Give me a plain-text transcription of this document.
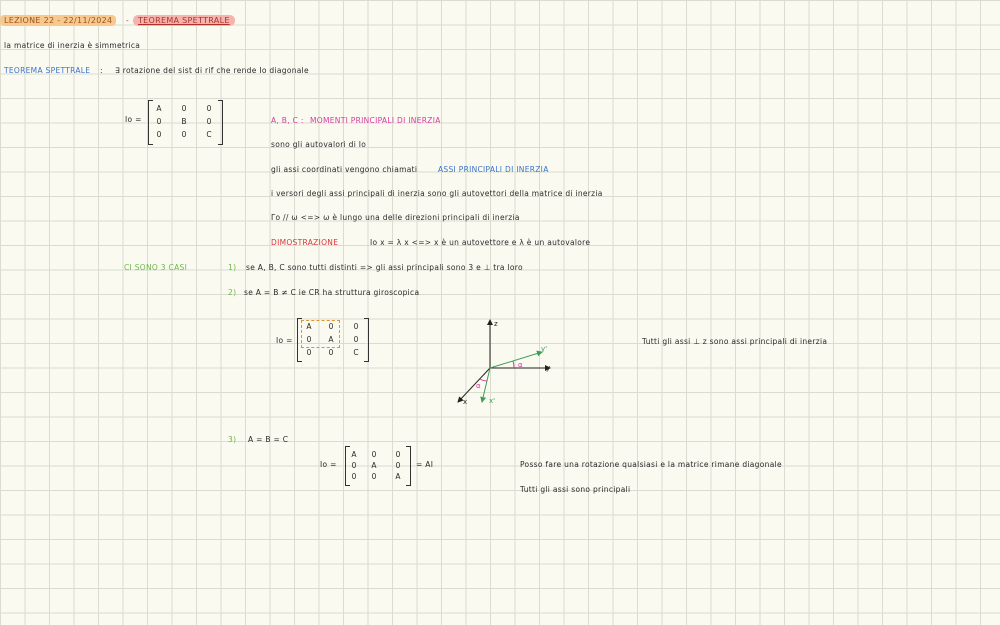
LEZIONE 22 - 22/11/2024	-	TEOREMA SPETTRALE
la matrice di inerzia è simmetrica
TEOREMA SPETTRALE : ∃ rotazione del sist di rif che rende Io diagonale
Io =
A	0	0
0	B	0
0	0	C
A, B, C : MOMENTI PRINCIPALI DI INERZIA
sono gli autovalori di Io
gli assi coordinati vengono chiamati	ASSI PRINCIPALI DI INERZIA
i versori degli assi principali di inerzia sono gli autovettori della matrice di inerzia
Γo // ω <=> ω è lungo una delle direzioni principali di inerzia
DIMOSTRAZIONE	Io x = λ x <=> x è un autovettore e λ è un autovalore
CI SONO 3 CASI	1) se A, B, C sono tutti distinti => gli assi principali sono 3 e ⊥ tra loro
2) se A = B ≠ C ie CR ha struttura giroscopica
Io =
A	0	0
0	A	0
0	0	C
z
y
x
y'
x'
α
α
Tutti gli assi ⊥ z sono assi principali di inerzia
3) A = B = C
Io =
A	0	0
0	A	0
0	0	A
= AI	Posso fare una rotazione qualsiasi e la matrice rimane diagonale
Tutti gli assi sono principali
